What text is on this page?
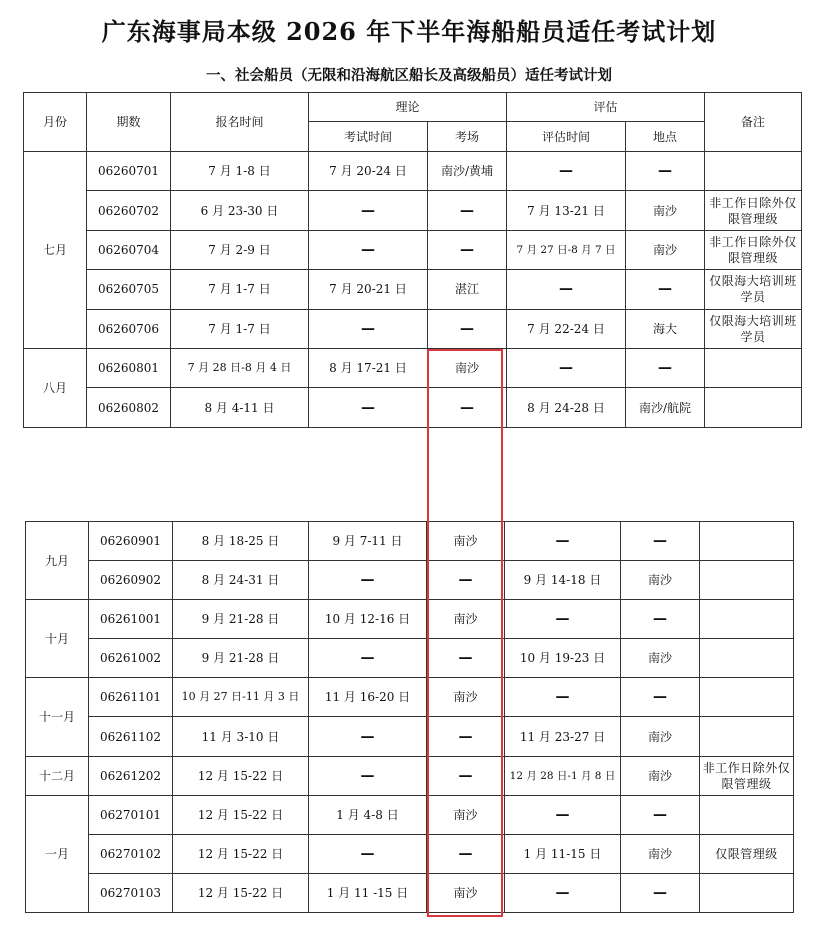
广东海事局本级 2026 年下半年海船船员适任考试计划
一、社会船员（无限和沿海航区船长及高级船员）适任考试计划
月份	期数	报名时间	理论		评估		备注
			考试时间	考场	评估时间	地点	
七月	06260701	7 月 1-8 日	7 月 20-24 日	南沙/黄埔	—	—	
	06260702	6 月 23-30 日	—	—	7 月 13-21 日	南沙	非工作日除外仅限管理级
	06260704	7 月 2-9 日	—	—	7 月 27 日-8 月 7 日	南沙	非工作日除外仅限管理级
	06260705	7 月 1-7 日	7 月 20-21 日	湛江	—	—	仅限海大培训班学员
	06260706	7 月 1-7 日	—	—	7 月 22-24 日	海大	仅限海大培训班学员
八月	06260801	7 月 28 日-8 月 4 日	8 月 17-21 日	南沙	—	—	
	06260802	8 月 4-11 日	—	—	8 月 24-28 日	南沙/航院	
九月	06260901	8 月 18-25 日	9 月 7-11 日	南沙	—	—	
	06260902	8 月 24-31 日	—	—	9 月 14-18 日	南沙	
十月	06261001	9 月 21-28 日	10 月 12-16 日	南沙	—	—	
	06261002	9 月 21-28 日	—	—	10 月 19-23 日	南沙	
十一月	06261101	10 月 27 日-11 月 3 日	11 月 16-20 日	南沙	—	—	
	06261102	11 月 3-10 日	—	—	11 月 23-27 日	南沙	
十二月	06261202	12 月 15-22 日	—	—	12 月 28 日-1 月 8 日	南沙	非工作日除外仅限管理级
一月	06270101	12 月 15-22 日	1 月 4-8 日	南沙	—	—	
	06270102	12 月 15-22 日	—	—	1 月 11-15 日	南沙	仅限管理级
	06270103	12 月 15-22 日	1 月 11 -15 日	南沙	—	—	
